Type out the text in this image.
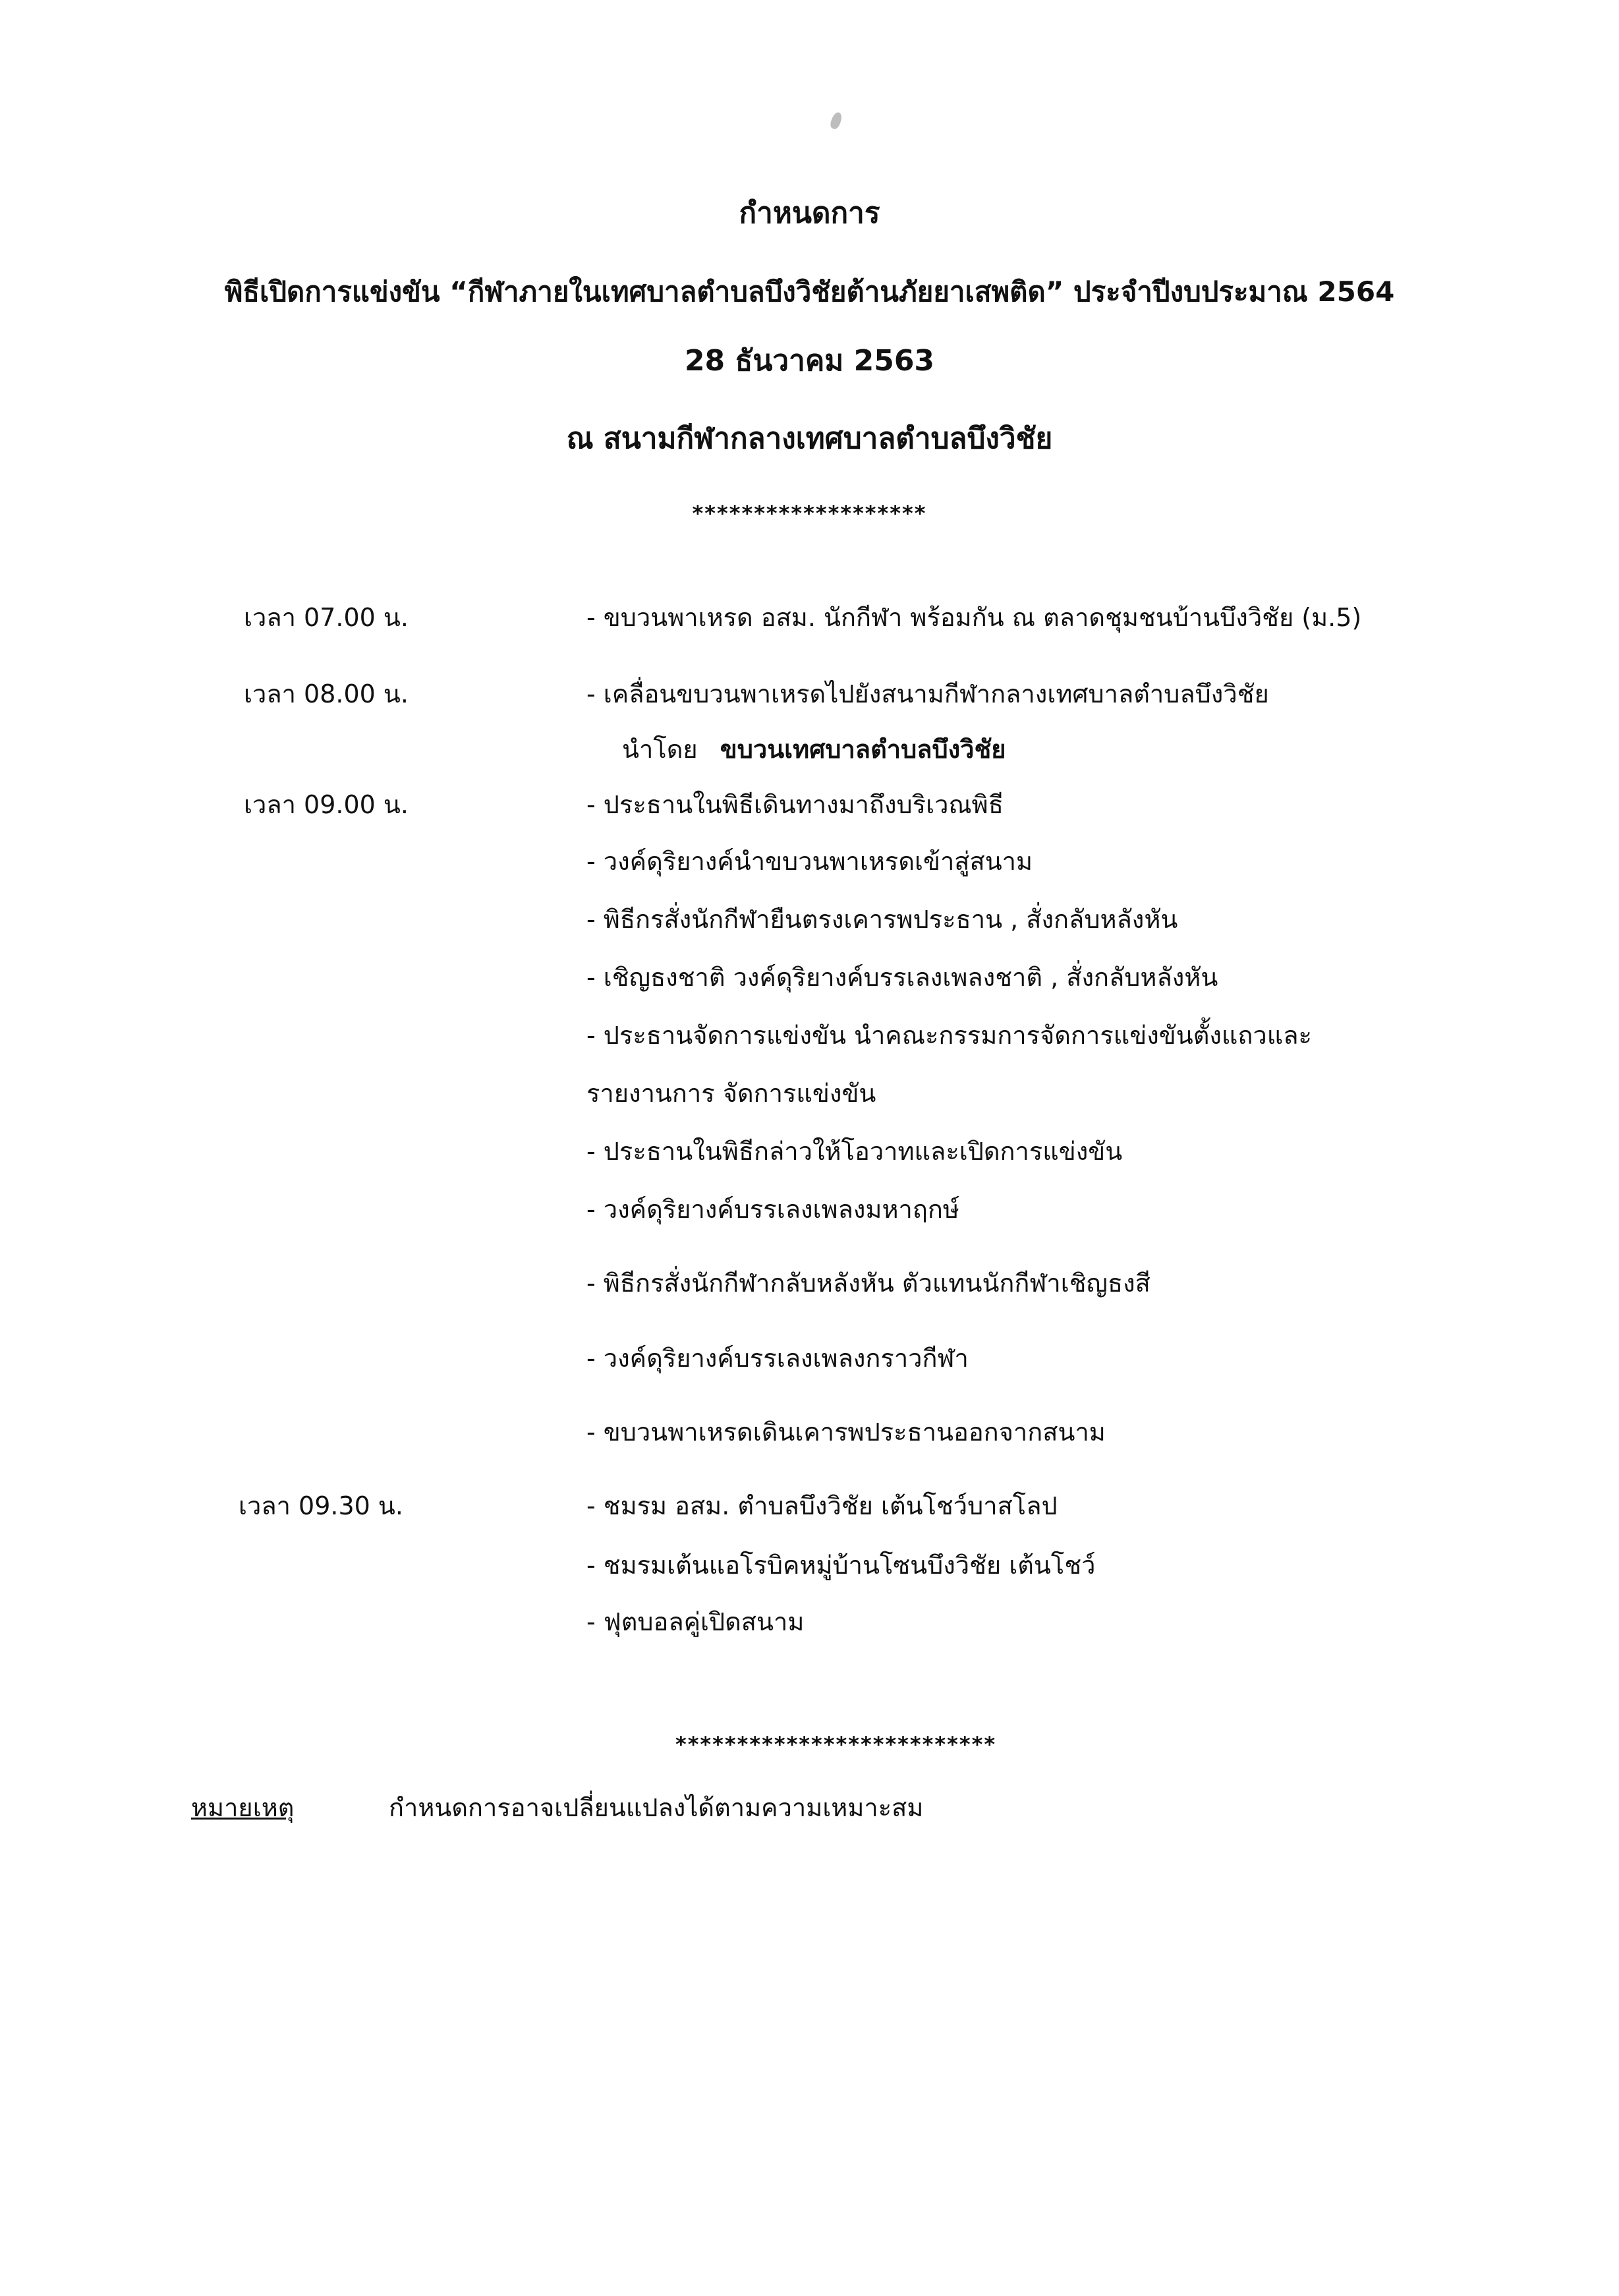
กำหนดการ
พิธีเปิดการแข่งขัน “กีฬาภายในเทศบาลตำบลบึงวิชัยต้านภัยยาเสพติด” ประจำปีงบประมาณ 2564
28 ธันวาคม 2563
ณ สนามกีฬากลางเทศบาลตำบลบึงวิชัย
*******************
เวลา 07.00 น.	- ขบวนพาเหรด อสม. นักกีฬา พร้อมกัน ณ ตลาดชุมชนบ้านบึงวิชัย (ม.5)
เวลา 08.00 น.	- เคลื่อนขบวนพาเหรดไปยังสนามกีฬากลางเทศบาลตำบลบึงวิชัย
นำโดย ขบวนเทศบาลตำบลบึงวิชัย
เวลา 09.00 น.	- ประธานในพิธีเดินทางมาถึงบริเวณพิธี
- วงค์ดุริยางค์นำขบวนพาเหรดเข้าสู่สนาม
- พิธีกรสั่งนักกีฬายืนตรงเคารพประธาน , สั่งกลับหลังหัน
- เชิญธงชาติ วงค์ดุริยางค์บรรเลงเพลงชาติ , สั่งกลับหลังหัน
- ประธานจัดการแข่งขัน นำคณะกรรมการจัดการแข่งขันตั้งแถวและ
รายงานการ จัดการแข่งขัน
- ประธานในพิธีกล่าวให้โอวาทและเปิดการแข่งขัน
- วงค์ดุริยางค์บรรเลงเพลงมหาฤกษ์
- พิธีกรสั่งนักกีฬากลับหลังหัน ตัวแทนนักกีฬาเชิญธงสี
- วงค์ดุริยางค์บรรเลงเพลงกราวกีฬา
- ขบวนพาเหรดเดินเคารพประธานออกจากสนาม
เวลา 09.30 น.	- ชมรม อสม. ตำบลบึงวิชัย เต้นโชว์บาสโลป
- ชมรมเต้นแอโรบิคหมู่บ้านโซนบึงวิชัย เต้นโชว์
- ฟุตบอลคู่เปิดสนาม
**************************
หมายเหตุ	กำหนดการอาจเปลี่ยนแปลงได้ตามความเหมาะสม
